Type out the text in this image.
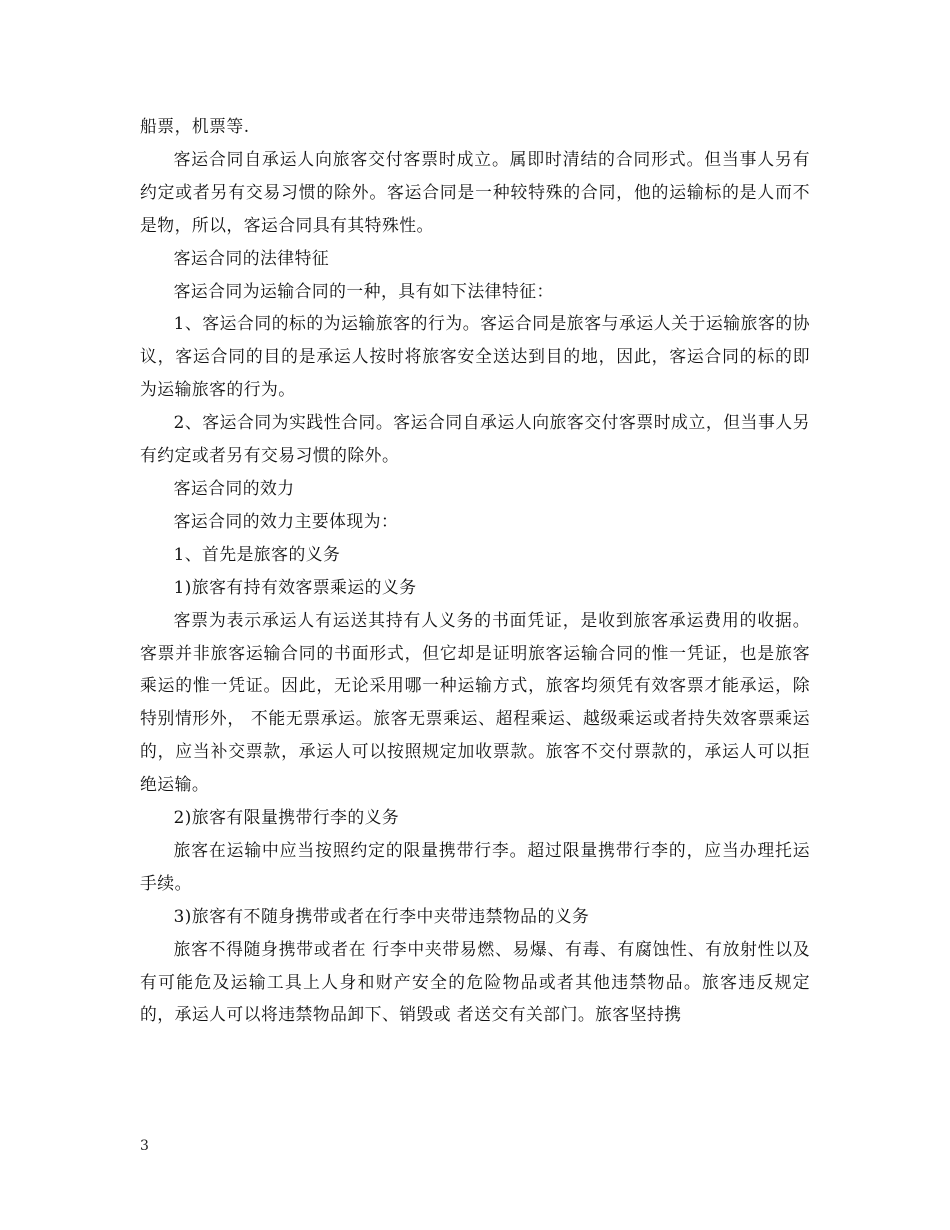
船票，机票等.

客运合同自承运人向旅客交付客票时成立。属即时清结的合同形式。但当事人另有约定或者另有交易习惯的除外。客运合同是一种较特殊的合同，他的运输标的是人而不是物，所以，客运合同具有其特殊性。

客运合同的法律特征

客运合同为运输合同的一种，具有如下法律特征：

1、客运合同的标的为运输旅客的行为。客运合同是旅客与承运人关于运输旅客的协议，客运合同的目的是承运人按时将旅客安全送达到目的地，因此，客运合同的标的即为运输旅客的行为。

2、客运合同为实践性合同。客运合同自承运人向旅客交付客票时成立，但当事人另有约定或者另有交易习惯的除外。

客运合同的效力

客运合同的效力主要体现为：

1、首先是旅客的义务

1)旅客有持有效客票乘运的义务

客票为表示承运人有运送其持有人义务的书面凭证，是收到旅客承运费用的收据。客票并非旅客运输合同的书面形式，但它却是证明旅客运输合同的惟一凭证，也是旅客乘运的惟一凭证。因此，无论采用哪一种运输方式，旅客均须凭有效客票才能承运，除特别情形外， 不能无票承运。旅客无票乘运、超程乘运、越级乘运或者持失效客票乘运的，应当补交票款，承运人可以按照规定加收票款。旅客不交付票款的，承运人可以拒绝运输。

2)旅客有限量携带行李的义务

旅客在运输中应当按照约定的限量携带行李。超过限量携带行李的，应当办理托运手续。

3)旅客有不随身携带或者在行李中夹带违禁物品的义务

旅客不得随身携带或者在 行李中夹带易燃、易爆、有毒、有腐蚀性、有放射性以及有可能危及运输工具上人身和财产安全的危险物品或者其他违禁物品。旅客违反规定的，承运人可以将违禁物品卸下、销毁或 者送交有关部门。旅客坚持携

3
